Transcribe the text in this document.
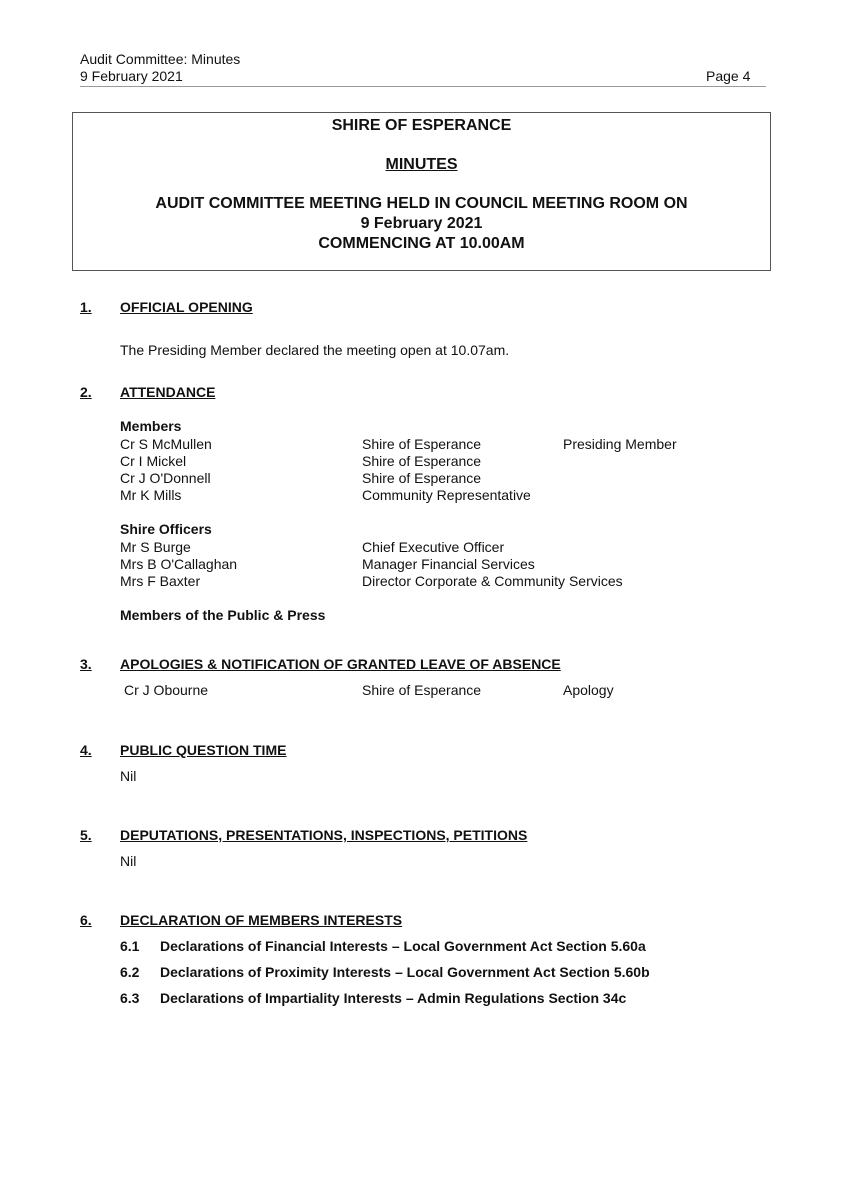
Audit Committee: Minutes
9 February 2021	Page 4
SHIRE OF ESPERANCE
MINUTES
AUDIT COMMITTEE MEETING HELD IN COUNCIL MEETING ROOM ON
9 February 2021
COMMENCING AT 10.00AM
1. OFFICIAL OPENING
The Presiding Member declared the meeting open at 10.07am.
2. ATTENDANCE
Members
Cr S McMullen	Shire of Esperance	Presiding Member
Cr I Mickel	Shire of Esperance
Cr J O'Donnell	Shire of Esperance
Mr K Mills	Community Representative
Shire Officers
Mr S Burge	Chief Executive Officer
Mrs B O'Callaghan	Manager Financial Services
Mrs F Baxter	Director Corporate & Community Services
Members of the Public & Press
3. APOLOGIES & NOTIFICATION OF GRANTED LEAVE OF ABSENCE
Cr J Obourne	Shire of Esperance	Apology
4. PUBLIC QUESTION TIME
Nil
5. DEPUTATIONS, PRESENTATIONS, INSPECTIONS, PETITIONS
Nil
6. DECLARATION OF MEMBERS INTERESTS
6.1 Declarations of Financial Interests – Local Government Act Section 5.60a
6.2 Declarations of Proximity Interests – Local Government Act Section 5.60b
6.3 Declarations of Impartiality Interests – Admin Regulations Section 34c
